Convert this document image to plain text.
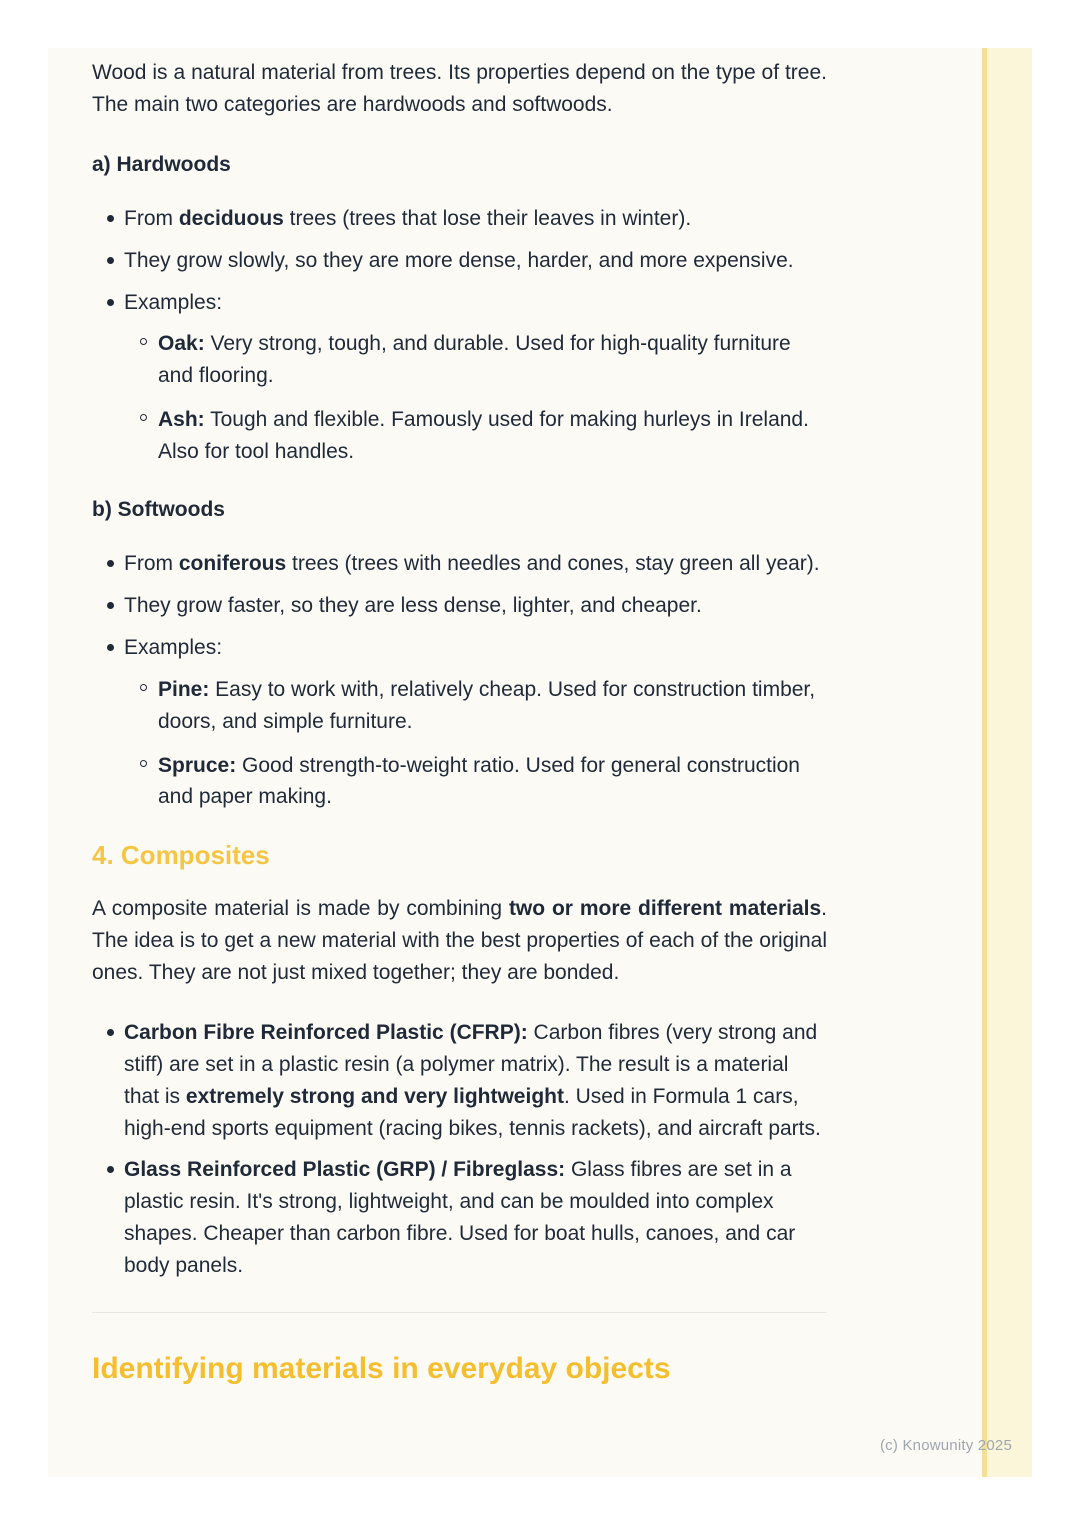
Wood is a natural material from trees. Its properties depend on the type of tree. The main two categories are hardwoods and softwoods.

a) Hardwoods
From deciduous trees (trees that lose their leaves in winter).
They grow slowly, so they are more dense, harder, and more expensive.
Examples:
Oak: Very strong, tough, and durable. Used for high-quality furniture and flooring.
Ash: Tough and flexible. Famously used for making hurleys in Ireland. Also for tool handles.
b) Softwoods
From coniferous trees (trees with needles and cones, stay green all year).
They grow faster, so they are less dense, lighter, and cheaper.
Examples:
Pine: Easy to work with, relatively cheap. Used for construction timber, doors, and simple furniture.
Spruce: Good strength-to-weight ratio. Used for general construction and paper making.
4. Composites

A composite material is made by combining two or more different materials. The idea is to get a new material with the best properties of each of the original ones. They are not just mixed together; they are bonded.

Carbon Fibre Reinforced Plastic (CFRP): Carbon fibres (very strong and stiff) are set in a plastic resin (a polymer matrix). The result is a material that is extremely strong and very lightweight. Used in Formula 1 cars, high-end sports equipment (racing bikes, tennis rackets), and aircraft parts.
Glass Reinforced Plastic (GRP) / Fibreglass: Glass fibres are set in a plastic resin. It's strong, lightweight, and can be moulded into complex shapes. Cheaper than carbon fibre. Used for boat hulls, canoes, and car body panels.
Identifying materials in everyday objects
(c) Knowunity 2025
